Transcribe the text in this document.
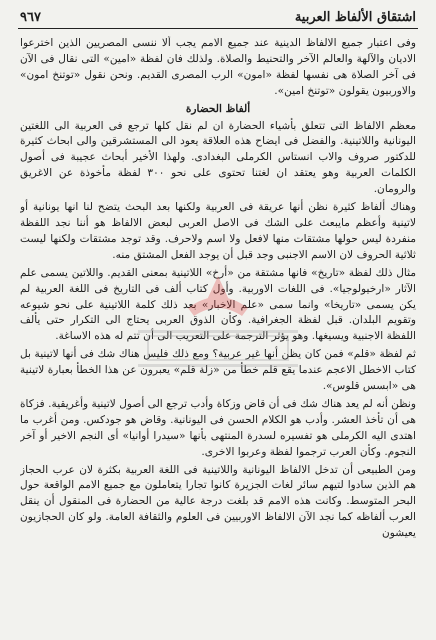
اشتقاق الألفاظ العربية
٩٦٧

وفى اعتبار جميع الالفاظ الدينية عند جميع الامم يجب ألا ننسى المصريين الذين اخترعوا الاديان والآلهة والعالم الآخر والتحنيط والصلاة. ولذلك فان لفظة «امين» التى نقال فى الآن فى آخر الصلاة هى نفسها لفظة «امون» الرب المصرى القديم. ونحن نقول «توتنخ امون» والاوربيون يقولون «توتنخ امين».

ألفاظ الحضارة

معظم الالفاظ التى تتعلق بأشياء الحضارة ان لم نقل كلها ترجع فى العربية الى اللغتين اليونانية واللاتينية. والفضل فى ايضاح هذه العلاقة يعود الى المستشرقين والى ابحاث كثيرة للدكتور صروف والاب انستاس الكرملى البغدادى. ولهذا الأخير أبحاث عجيبة فى أصول الكلمات العربية وهو يعتقد ان لغتنا تحتوى على نحو ٣٠٠ لفظة مأخوذة عن الاغريق والرومان.

وهناك ألفاظ كثيرة نظن أنها عريقة فى العربية ولكنها بعد البحث يتضح لنا انها يونانية أو لاتينية وأعظم مايبعث على الشك فى الاصل العربى لبعض الالفاظ هو أننا نجد اللفظة منفردة ليس حولها مشتقات منها لافعل ولا اسم ولاحرف. وقد توجد مشتقات ولكنها ليست ثلاثية الحروف لان الاسم الاجنبى وجد قبل أن يوجد الفعل المشتق منه.

مثال ذلك لفظة «تاريخ» فانها مشتقة من «أرخ» اللاتينية بمعنى القديم. واللاتين يسمى علم الآثار «ارخيولوجيا». فى اللغات الاوربية. وأول كتاب ألف فى التاريخ فى اللغة العربية لم يكن يسمى «تاريخا» وانما سمى «علم الاخبار» بعد ذلك كلمة اللاتينية على نحو شيوعه وتقويم البلدان. قبل لفظة الجغرافية. وكأن الذوق العربى يحتاج الى التكرار حتى يألف اللفظة الاجنبية ويسيغها. وهو يؤثر الترجمة على التعريب الى أن تتم له هذه الاساغة.

ثم لفظة «قلم» فمن كان يظن أنها غير عربية؟ ومع ذلك فليس هناك شك فى أنها لاتينية بل كتاب الاخطل الاعجم عندما يقع قلم خطأ من «زلة قلم» يعبرون عن هذا الخطأ بعبارة لاتينية هى «ابسس قلوس».

ونظن أنه لم يعد هناك شك فى أن قاض وزكاة وأدب ترجع الى أصول لاتينية وأغريقية. فزكاة هى أن تأخذ العشر. وأدب هو الكلام الحسن فى اليونانية. وقاض هو جودكس. ومن أغرب ما اهتدى اليه الكرملى هو تفسيره لسدرة المنتهى بأنها «سيدرا أوانيا» أى النجم الاخير أو آخر النجوم. وكأن العرب ترجموا لفظة وعربوا الاخرى.

ومن الطبيعى أن تدخل الالفاظ اليونانية واللاتينية فى اللغة العربية بكثرة لان عرب الحجاز هم الذين سادوا لتيهم سائر لغات الجزيرة كانوا تجارا يتعاملون مع جميع الامم الواقعة حول البحر المتوسط. وكانت هذه الامم قد بلغت درجة عالية من الحضارة فى المنقول أن ينقل العرب ألفاظه كما نجد الآن الالفاظ الاوربيين فى العلوم والثقافة العامة. ولو كان الحجازيون يعيشون
